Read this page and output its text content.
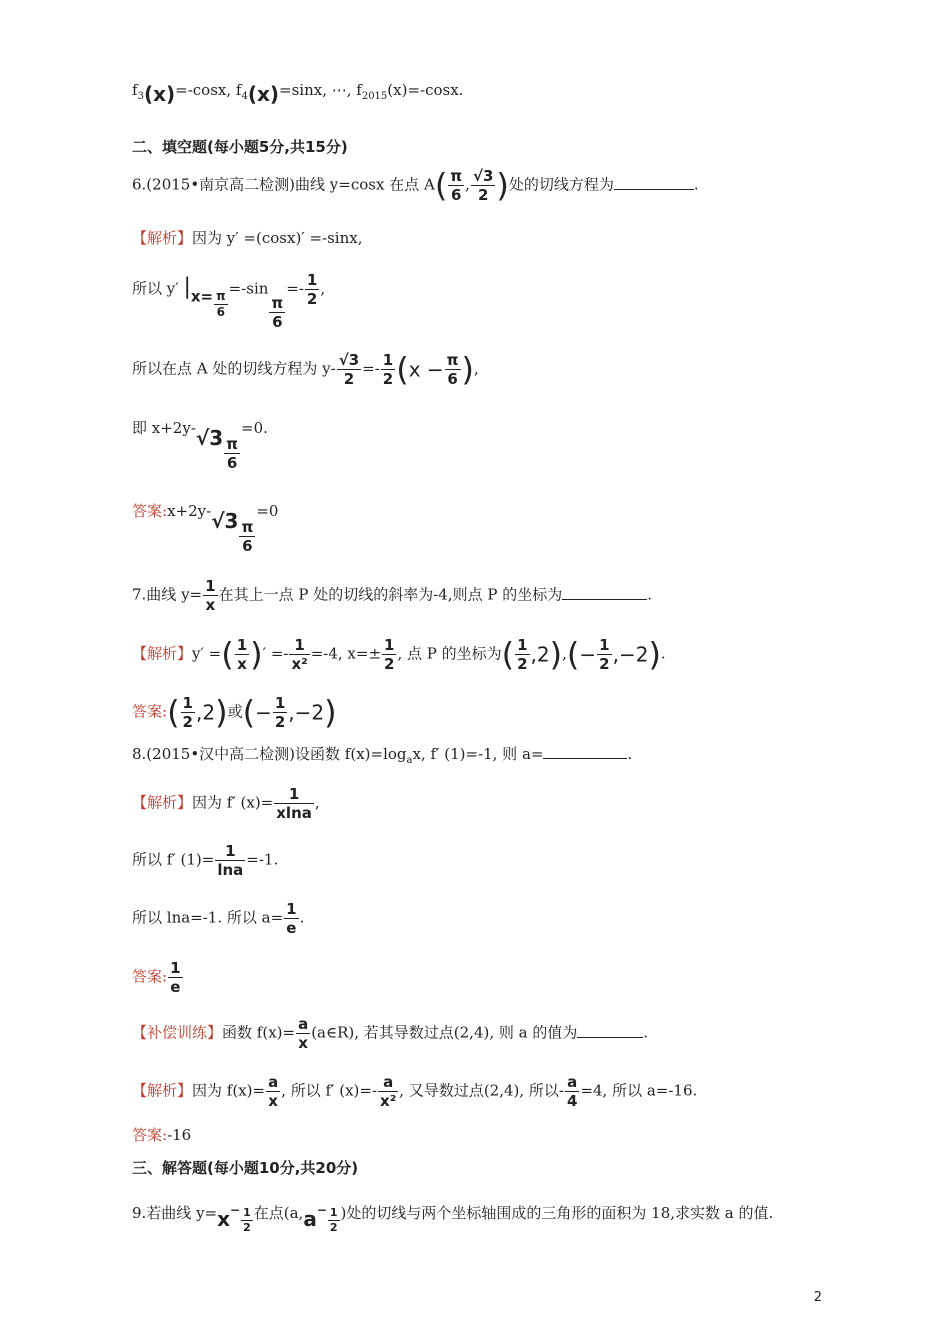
$f_3(x)=$-cosx, $f_4(x)=\sin x$, ⋯, $f_{2015}(x)=$-cosx.
二、填空题(每小题5分,共15分)
6.(2015•南京高二检测)曲线 y=cosx 在点 $A( \frac{\pi}{6}$ , $\frac{√3}{2}$ )处的切线方程为	.
【解析】因为 y′ =(cosx)′ =-sinx,
所以 y′ $|x= \frac{\pi}{6}$
=-sin
$\frac{\pi}{6}$
=- $\frac{1}{2}$ ,
所以在点 A 处的切线方程为 $y- \frac{√3}{2} =- \frac{1}{2} (x - \frac{\pi}{6}$ ),
即 $x+2y-√3 \frac{\pi}{6}$
=0.
答案:x+2y-√3 $\frac{\pi}{6}$
=0
7.曲线 $y= \frac{1}{x}$ 在其上一点 P 处的切线的斜率为-4,则点 P 的坐标为	.
【解析】y′ =( $\frac{1}{x}$ )′ =- $\frac{1}{\text{x²}} =-4$, $x=\pm \frac{1}{2}$ , 点 P 的坐标为( $\frac{1}{2} ,2),(- \frac{1}{2} ,-2)$.
答案:( $\frac{1}{2} ,2$)或(− $\frac{1}{2} ,-2$)
8.(2015•汉中高二检测)设函数 $f(x)=\log_ax$, f′ (1)=-1, 则 a=	.
【解析】因为 f′ $(x)= \frac{1}{xlna}$ ,
所以 f′ $(1)= \frac{1}{\ln a} =-1$.
所以 lna=-1. 所以 $a= \frac{1}{e}$ .
答案: $\frac{1}{e}$
【补偿训练】函数 $f(x)= \frac{a}{x}$ (a∈R), 若其导数过点(2,4), 则 a 的值为	.
【解析】因为 $f(x)= \frac{a}{x}$ , 所以 f′ $(x)=- \frac{a}{\text{x²}}$ , 又导数过点(2,4), 所以- $\frac{a}{4} =4$, 所以 a=-16.
答案:-16
三、解答题(每小题10分,共20分)
9.若曲线 $y=x^- \frac{1}{2}$ 在点($a,a^- \frac{1}{2}$ )处的切线与两个坐标轴围成的三角形的面积为 18,求实数 a 的值.
2
